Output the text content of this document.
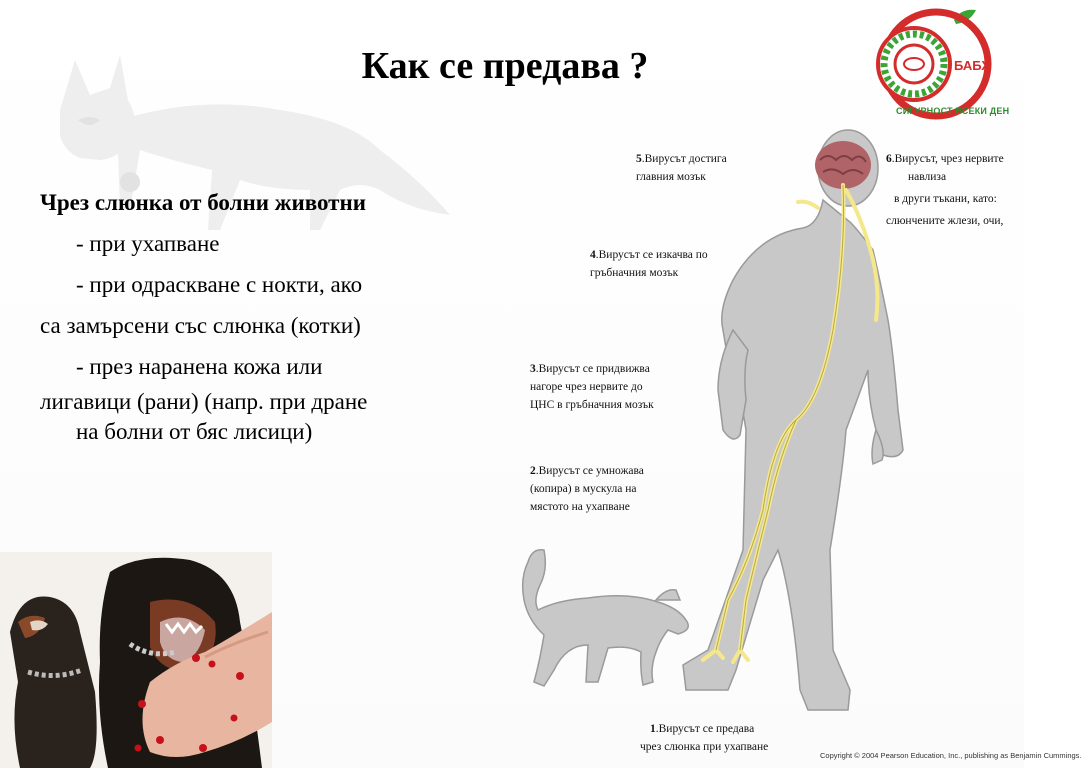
Как се предава ?	БАБХ
СИГУРНОСТ ВСЕКИ ДЕН
Чрез слюнка от болни животни
- при ухапване
- при одраскване с нокти, ако
са замърсени със слюнка (котки)
- през наранена кожа или
лигавици (рани) (напр. при дране
на болни от бяс лисици)
5.Вирусът достига
главния мозък
4.Вирусът се изкачва по
гръбначния мозък
3.Вирусът се придвижва
нагоре чрез нервите до
ЦНС в гръбначния мозък
2.Вирусът се умножава
(копира) в мускула на
мястото на ухапване
6.Вирусът, чрез нервите
навлиза
в други тъкани, като:
слюнчените жлези, очи,
1.Вирусът се предава
чрез слюнка при ухапване
Copyright © 2004 Pearson Education, Inc., publishing as Benjamin Cummings.
